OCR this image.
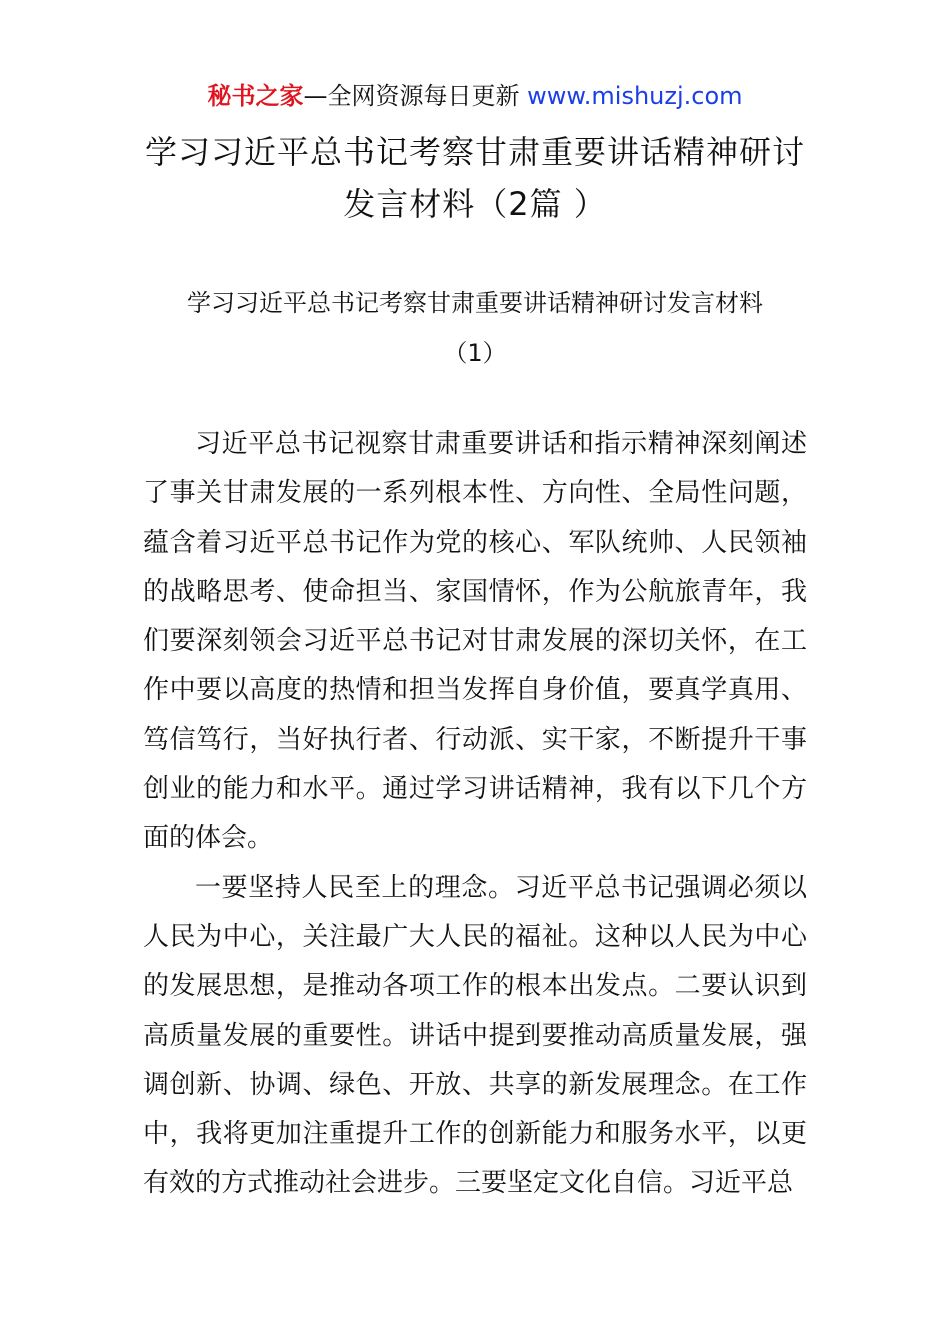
秘书之家—全网资源每日更新 www.mishuzj.com
学习习近平总书记考察甘肃重要讲话精神研讨
发言材料（2篇 ）
学习习近平总书记考察甘肃重要讲话精神研讨发言材料
（1）

习近平总书记视察甘肃重要讲话和指示精神深刻阐述了事关甘肃发展的一系列根本性、方向性、全局性问题，蕴含着习近平总书记作为党的核心、军队统帅、人民领袖的战略思考、使命担当、家国情怀，作为公航旅青年，我们要深刻领会习近平总书记对甘肃发展的深切关怀，在工作中要以高度的热情和担当发挥自身价值，要真学真用、笃信笃行，当好执行者、行动派、实干家，不断提升干事创业的能力和水平。通过学习讲话精神，我有以下几个方面的体会。

一要坚持人民至上的理念。习近平总书记强调必须以人民为中心，关注最广大人民的福祉。这种以人民为中心的发展思想，是推动各项工作的根本出发点。二要认识到高质量发展的重要性。讲话中提到要推动高质量发展，强调创新、协调、绿色、开放、共享的新发展理念。在工作中，我将更加注重提升工作的创新能力和服务水平，以更有效的方式推动社会进步。三要坚定文化自信。习近平总
